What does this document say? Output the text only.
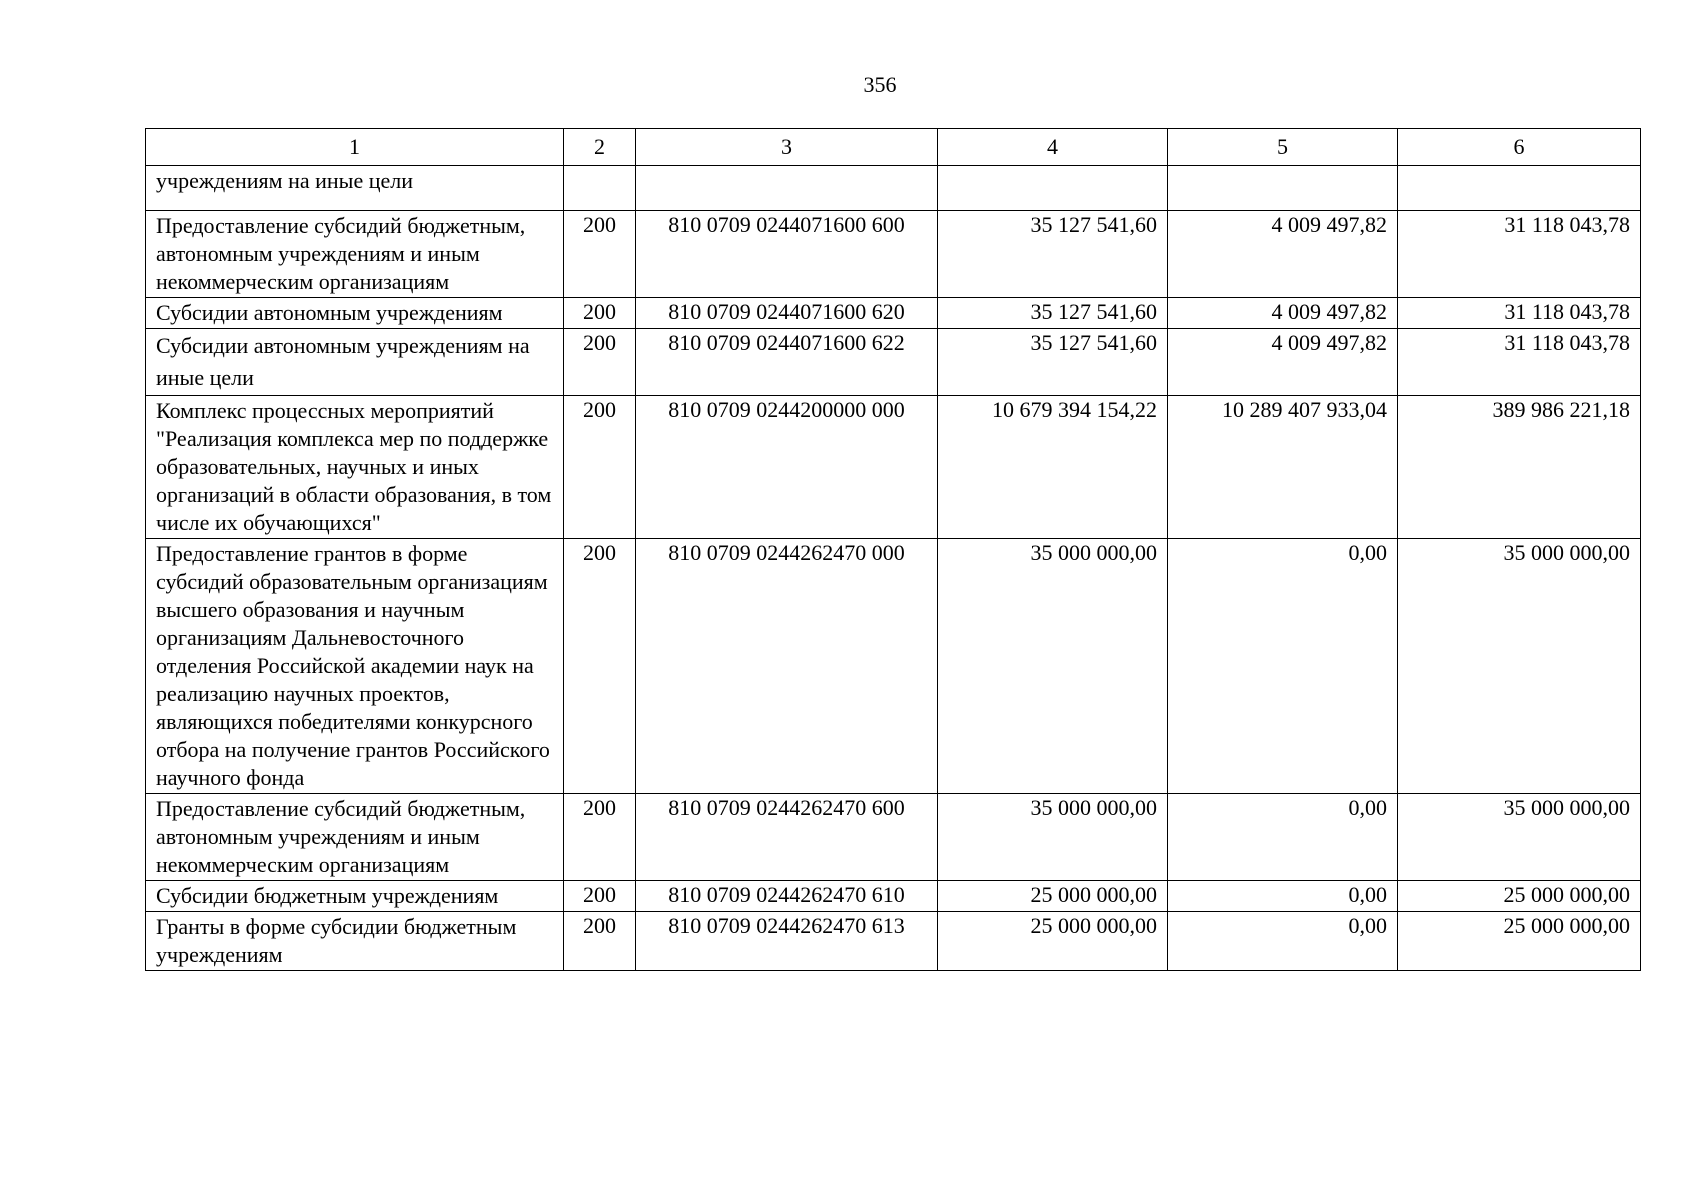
356
1	2	3	4	5	6
учреждениям на иные цели					
Предоставление субсидий бюджетным, автономным учреждениям и иным некоммерческим организациям	200	810 0709 0244071600 600	35 127 541,60	4 009 497,82	31 118 043,78
Субсидии автономным учреждениям	200	810 0709 0244071600 620	35 127 541,60	4 009 497,82	31 118 043,78
Субсидии автономным учреждениям на иные цели	200	810 0709 0244071600 622	35 127 541,60	4 009 497,82	31 118 043,78
Комплекс процессных мероприятий "Реализация комплекса мер по поддержке образовательных, научных и иных организаций в области образования, в том числе их обучающихся"	200	810 0709 0244200000 000	10 679 394 154,22	10 289 407 933,04	389 986 221,18
Предоставление грантов в форме субсидий образовательным организациям высшего образования и научным организациям Дальневосточного отделения Российской академии наук на реализацию научных проектов, являющихся победителями конкурсного отбора на получение грантов Российского научного фонда	200	810 0709 0244262470 000	35 000 000,00	0,00	35 000 000,00
Предоставление субсидий бюджетным, автономным учреждениям и иным некоммерческим организациям	200	810 0709 0244262470 600	35 000 000,00	0,00	35 000 000,00
Субсидии бюджетным учреждениям	200	810 0709 0244262470 610	25 000 000,00	0,00	25 000 000,00
Гранты в форме субсидии бюджетным учреждениям	200	810 0709 0244262470 613	25 000 000,00	0,00	25 000 000,00
